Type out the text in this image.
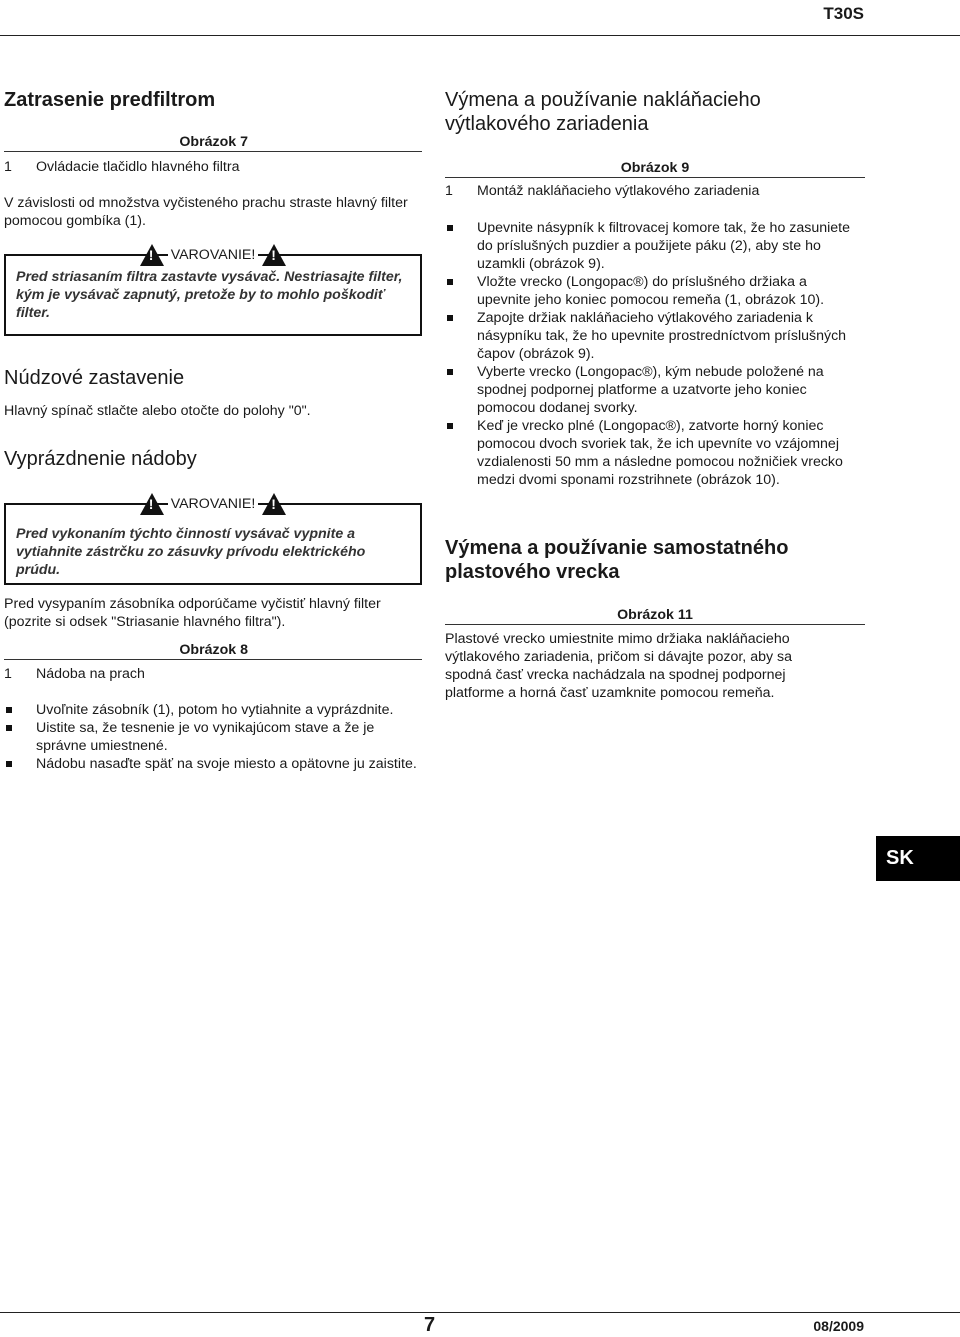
T30S
7	08/2009
SK
Zatrasenie predfiltrom
Obrázok 7
1	Ovládacie tlačidlo hlavného filtra

V závislosti od množstva vyčisteného prachu straste hlavný filter pomocou gombíka (1).

! VAROVANIE! !

Pred striasaním filtra zastavte vysávač. Nestriasajte filter, kým je vysávač zapnutý, pretože by to mohlo poškodiť filter.

Núdzové zastavenie

Hlavný spínač stlačte alebo otočte do polohy "0".

Vyprázdnenie nádoby
! VAROVANIE! !

Pred vykonaním týchto činností vysávač vypnite a vytiahnite zástrčku zo zásuvky prívodu elektrického prúdu.

Pred vysypaním zásobníka odporúčame vyčistiť hlavný filter (pozrite si odsek "Striasanie hlavného filtra").

Obrázok 8
1	Nádoba na prach
Uvoľnite zásobník (1), potom ho vytiahnite a vyprázdnite.
Uistite sa, že tesnenie je vo vynikajúcom stave a že je správne umiestnené.
Nádobu nasaďte späť na svoje miesto a opätovne ju zaistite.
Výmena a používanie nakláňacieho výtlakového zariadenia
Obrázok 9
1	Montáž nakláňacieho výtlakového zariadenia
Upevnite násypník k filtrovacej komore tak, že ho zasuniete do príslušných puzdier a použijete páku (2), aby ste ho uzamkli (obrázok 9).
Vložte vrecko (Longopac®) do príslušného držiaka a upevnite jeho koniec pomocou remeňa (1, obrázok 10).
Zapojte držiak nakláňacieho výtlakového zariadenia k násypníku tak, že ho upevnite prostredníctvom príslušných čapov (obrázok 9).
Vyberte vrecko (Longopac®), kým nebude položené na spodnej podpornej platforme a uzatvorte jeho koniec pomocou dodanej svorky.
Keď je vrecko plné (Longopac®), zatvorte horný koniec pomocou dvoch svoriek tak, že ich upevníte vo vzájomnej vzdialenosti 50 mm a následne pomocou nožničiek vrecko medzi dvomi sponami rozstrihnete (obrázok 10).
Výmena a používanie samostatného plastového vrecka
Obrázok 11

Plastové vrecko umiestnite mimo držiaka nakláňacieho výtlakového zariadenia, pričom si dávajte pozor, aby sa spodná časť vrecka nachádzala na spodnej podpornej platforme a horná časť uzamknite pomocou remeňa.
